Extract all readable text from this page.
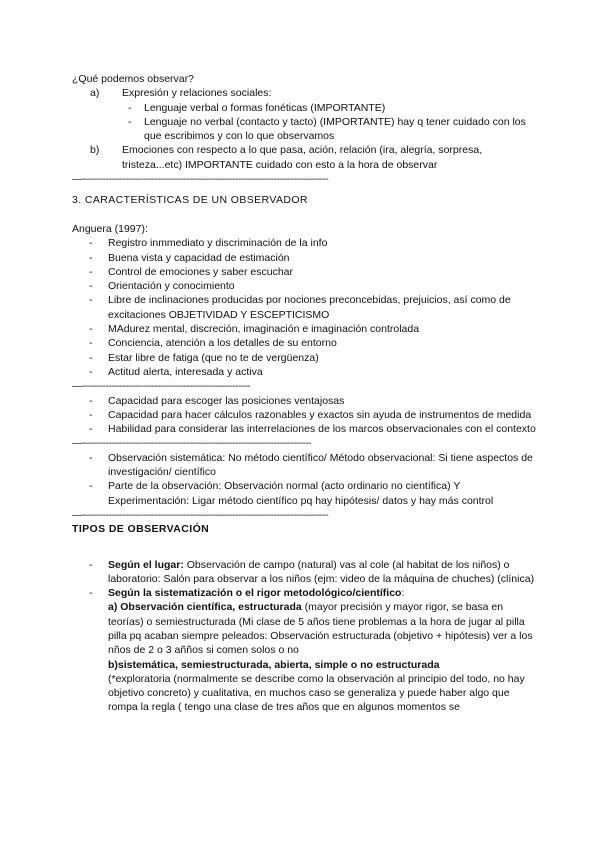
¿Qué podemos observar?

a)	Expresión y relaciones sociales:
-	Lenguaje verbal o formas fonéticas (IMPORTANTE)
-	Lenguaje no verbal (contacto y tacto) (IMPORTANTE) hay q tener cuidado con los que escribimos y con lo que observamos
b)	Emociones con respecto a lo que pasa, ación, relación (ira, alegría, sorpresa, tristeza...etc) IMPORTANTE cuidado con esto a la hora de observar

—-------------------------------------------------------------------------------------

3. CARACTERÍSTICAS DE UN OBSERVADOR

Anguera (1997):

-	Registro inmmediato y discriminación de la info
-	Buena vista y capacidad de estimación
-	Control de emociones y saber escuchar
-	Orientación y conocimiento
-	Libre de inclinaciones producidas por nociones preconcebidas, prejuicios, así como de excitaciones OBJETIVIDAD Y ESCEPTICISMO
-	MAdurez mental, discreción, imaginación e imaginación controlada
-	Conciencia, atención a los detalles de su entorno
-	Estar libre de fatiga (que no te de vergüenza)
-	Actitud alerta, interesada y activa

—----------------------------------------------------------

-	Capacidad para escoger las posiciones ventajosas
-	Capacidad para hacer cálculos razonables y exactos sin ayuda de instrumentos de medida
-	Habilidad para considerar las interrelaciones de los marcos observacionales con el contexto

—-------------------------------------------------------------------------------

-	Observación sistemática: No método científico/ Método observacional: Si tiene aspectos de investigación/ científico
-	Parte de la observación: Observación normal (acto ordinario no científica) Y Experimentación: Ligar método científico pq hay hipótesis/ datos y hay más control

—-------------------------------------------------------------------------------------

TIPOS DE OBSERVACIÓN

-	Según el lugar: Observación de campo (natural) vas al cole (al habitat de los niños) o laboratorio: Salón para observar a los niños (ejm: video de la máquina de chuches) (clínica)
-	Según la sistematización o el rigor metodológico/científico:

a) Observación científica, estructurada (mayor precisión y mayor rigor, se basa en teorías) o semiestructurada (Mi clase de 5 años tiene problemas a la hora de jugar al pilla pilla pq acaban siempre peleados: Observación estructurada (objetivo + hipótesis) ver a los nños de 2 o 3 añños si comen solos o no

b)sistemática, semiestructurada, abierta, simple o no estructurada

(*exploratoria (normalmente se describe como la observación al principio del todo, no hay objetivo concreto) y cualitativa, en muchos caso se generaliza y puede haber algo que rompa la regla ( tengo una clase de tres años que en algunos momentos se
